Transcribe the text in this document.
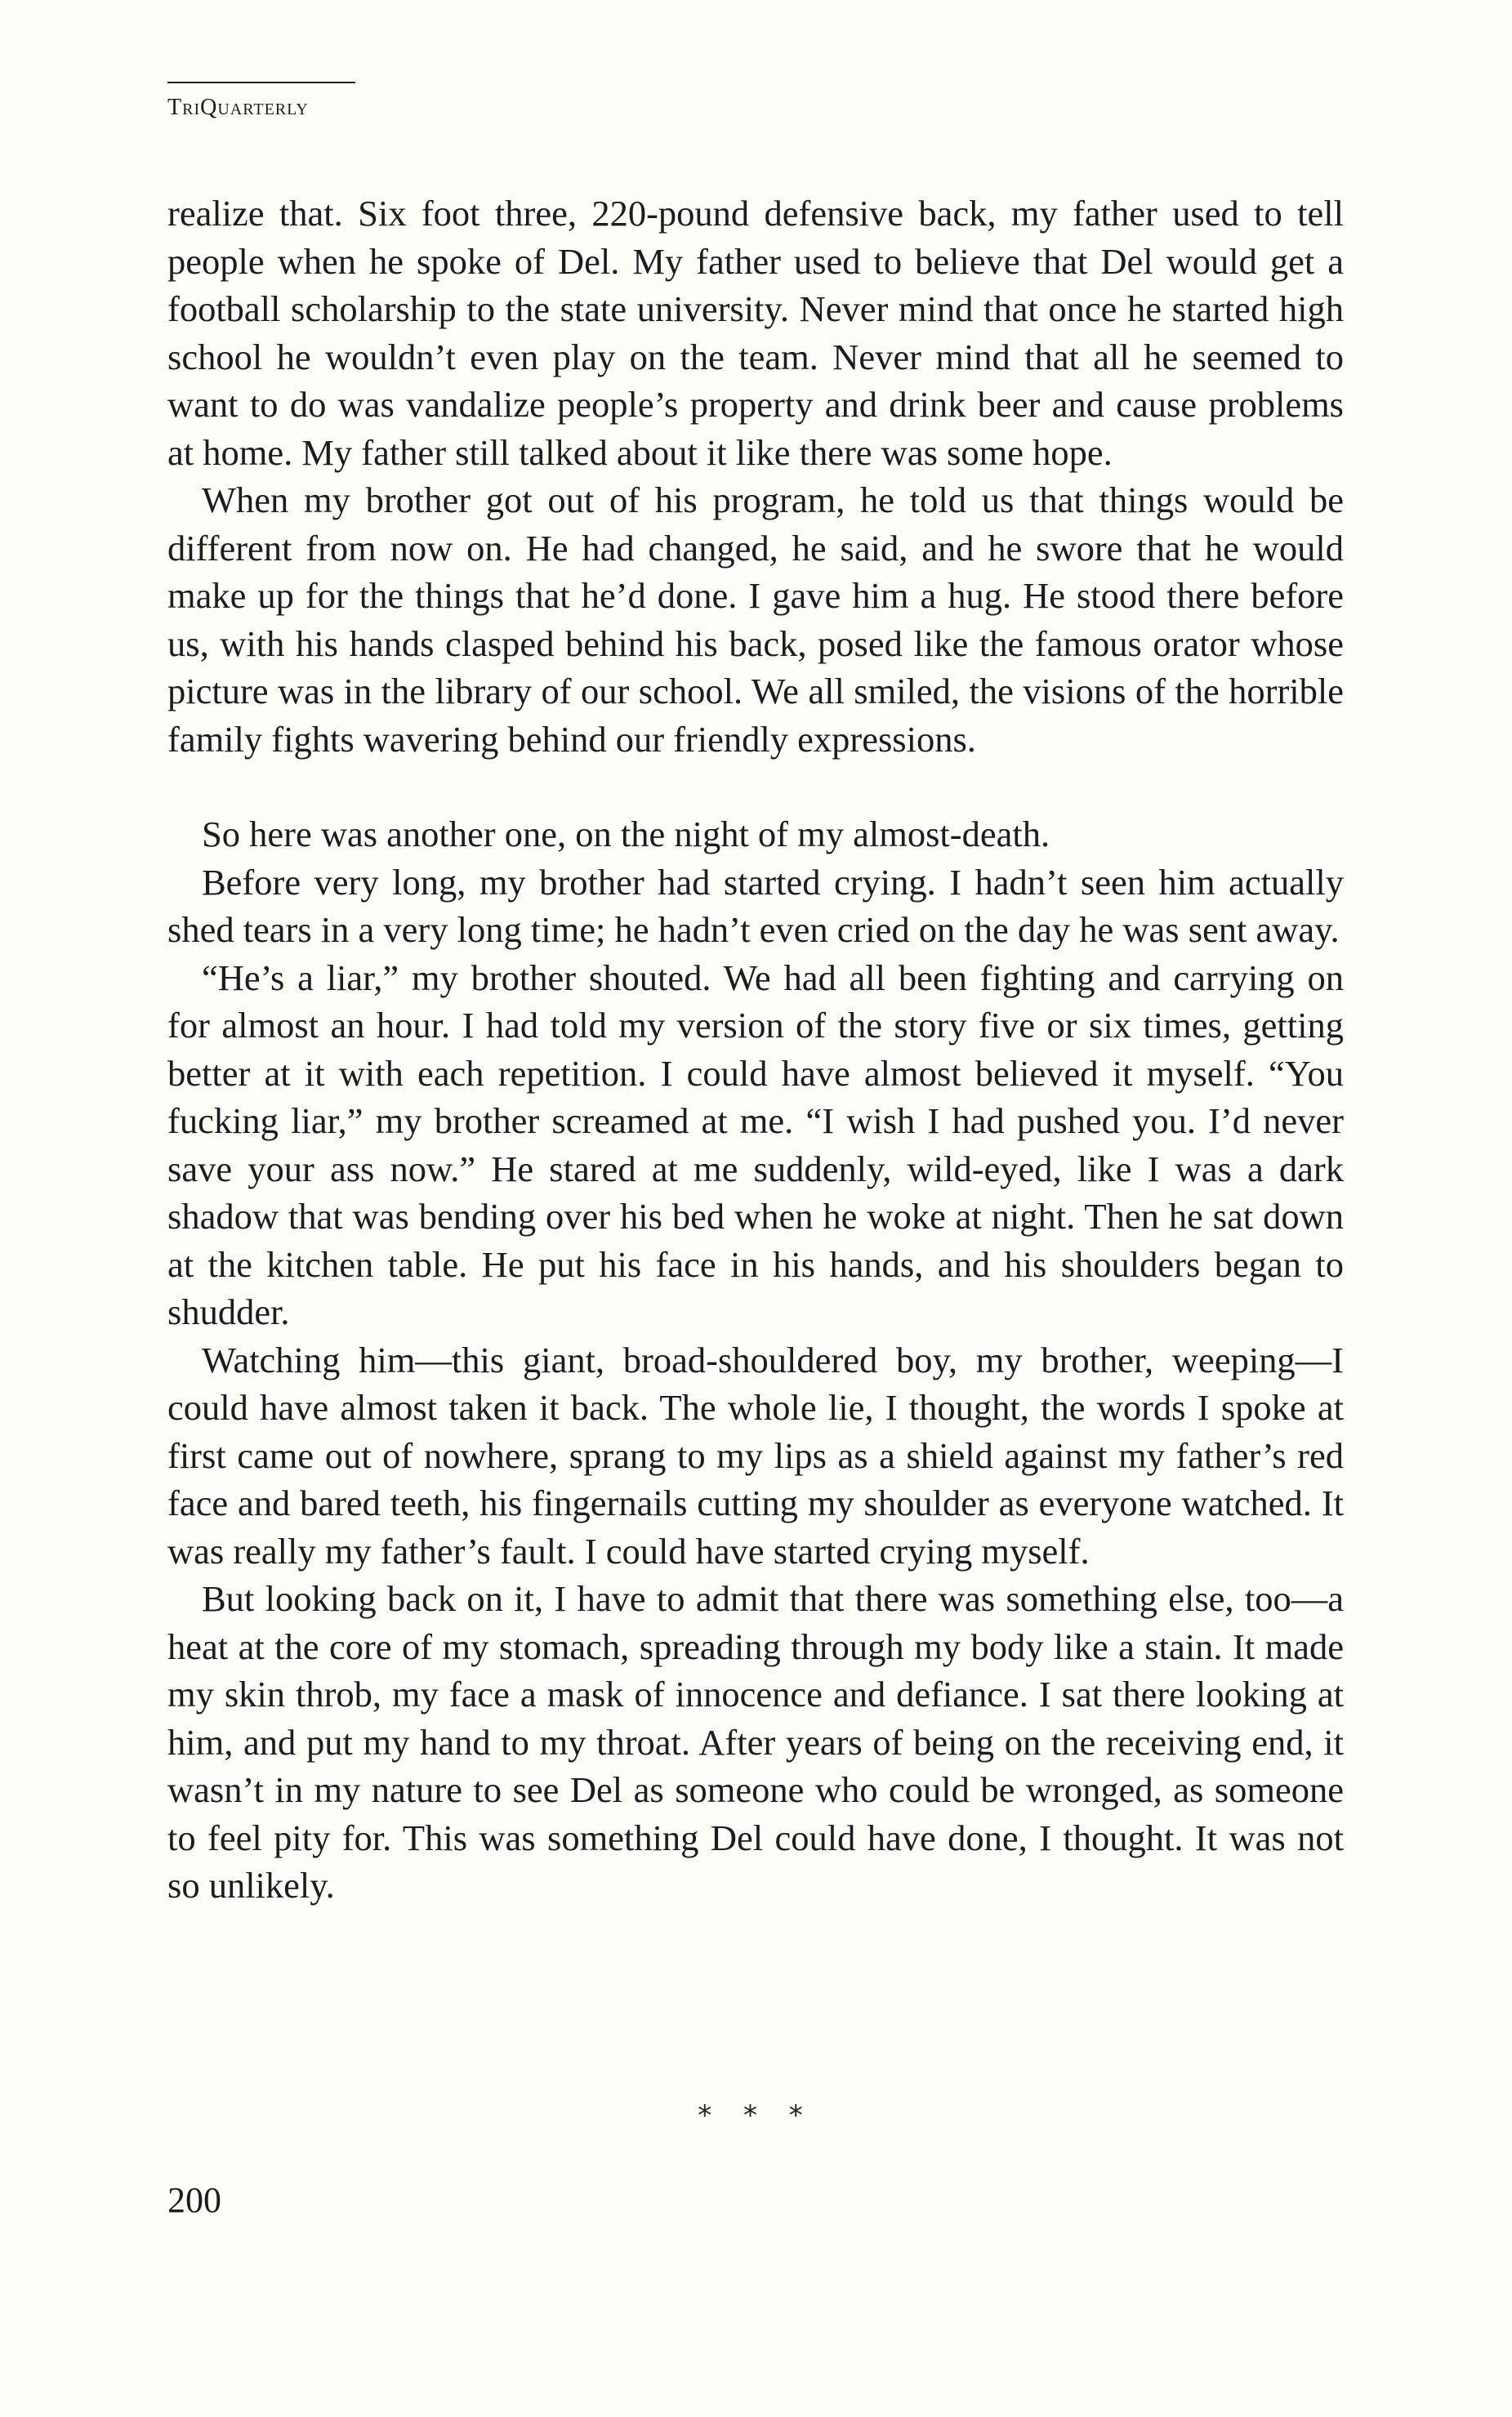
TriQuarterly

realize that. Six foot three, 220-pound defensive back, my father used to tell people when he spoke of Del. My father used to believe that Del would get a football scholarship to the state university. Never mind that once he started high school he wouldn’t even play on the team. Never mind that all he seemed to want to do was vandalize people’s property and drink beer and cause problems at home. My father still talked about it like there was some hope.

When my brother got out of his program, he told us that things would be different from now on. He had changed, he said, and he swore that he would make up for the things that he’d done. I gave him a hug. He stood there before us, with his hands clasped behind his back, posed like the famous orator whose picture was in the library of our school. We all smiled, the visions of the horrible family fights wavering behind our friendly expressions.

So here was another one, on the night of my almost-death.

Before very long, my brother had started crying. I hadn’t seen him actually shed tears in a very long time; he hadn’t even cried on the day he was sent away.

“He’s a liar,” my brother shouted. We had all been fighting and carrying on for almost an hour. I had told my version of the story five or six times, getting better at it with each repetition. I could have almost believed it myself. “You fucking liar,” my brother screamed at me. “I wish I had pushed you. I’d never save your ass now.” He stared at me suddenly, wild-eyed, like I was a dark shadow that was bending over his bed when he woke at night. Then he sat down at the kitchen table. He put his face in his hands, and his shoulders began to shudder.

Watching him—this giant, broad-shouldered boy, my brother, weeping—I could have almost taken it back. The whole lie, I thought, the words I spoke at first came out of nowhere, sprang to my lips as a shield against my father’s red face and bared teeth, his fingernails cutting my shoulder as everyone watched. It was really my father’s fault. I could have started crying myself.

But looking back on it, I have to admit that there was something else, too—a heat at the core of my stomach, spreading through my body like a stain. It made my skin throb, my face a mask of innocence and defiance. I sat there looking at him, and put my hand to my throat. After years of being on the receiving end, it wasn’t in my nature to see Del as someone who could be wronged, as someone to feel pity for. This was something Del could have done, I thought. It was not so unlikely.

* * *
200
